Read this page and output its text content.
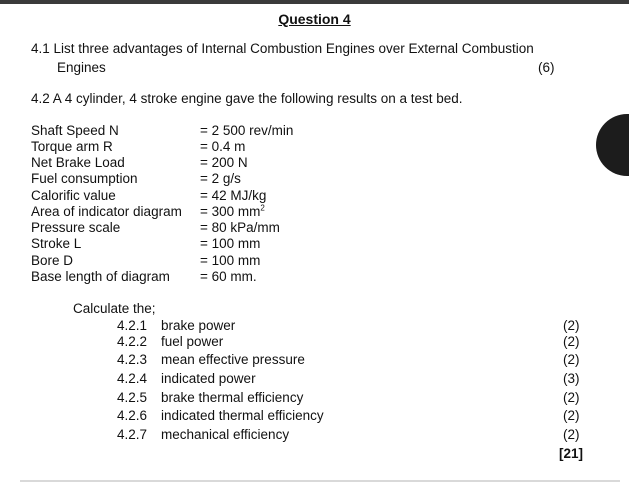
Question 4
4.1 List three advantages of Internal Combustion Engines over External Combustion
Engines	(6)
4.2 A 4 cylinder, 4 stroke engine gave the following results on a test bed.
Shaft Speed N	= 2 500 rev/min
Torque arm R	= 0.4 m
Net Brake Load	= 200 N
Fuel consumption	= 2 g/s
Calorific value	= 42 MJ/kg
Area of indicator diagram = 300 $mm^2$
Pressure scale	= 80 kPa/mm
Stroke L	= 100 mm
Bore D	= 100 mm
Base length of diagram = 60 mm.
Calculate the;
4.2.1 brake power	(2)
4.2.2 fuel power	(2)
4.2.3 mean effective pressure	(2)
4.2.4 indicated power	(3)
4.2.5 brake thermal efficiency	(2)
4.2.6 indicated thermal efficiency	(2)
4.2.7 mechanical efficiency	(2)
[21]
